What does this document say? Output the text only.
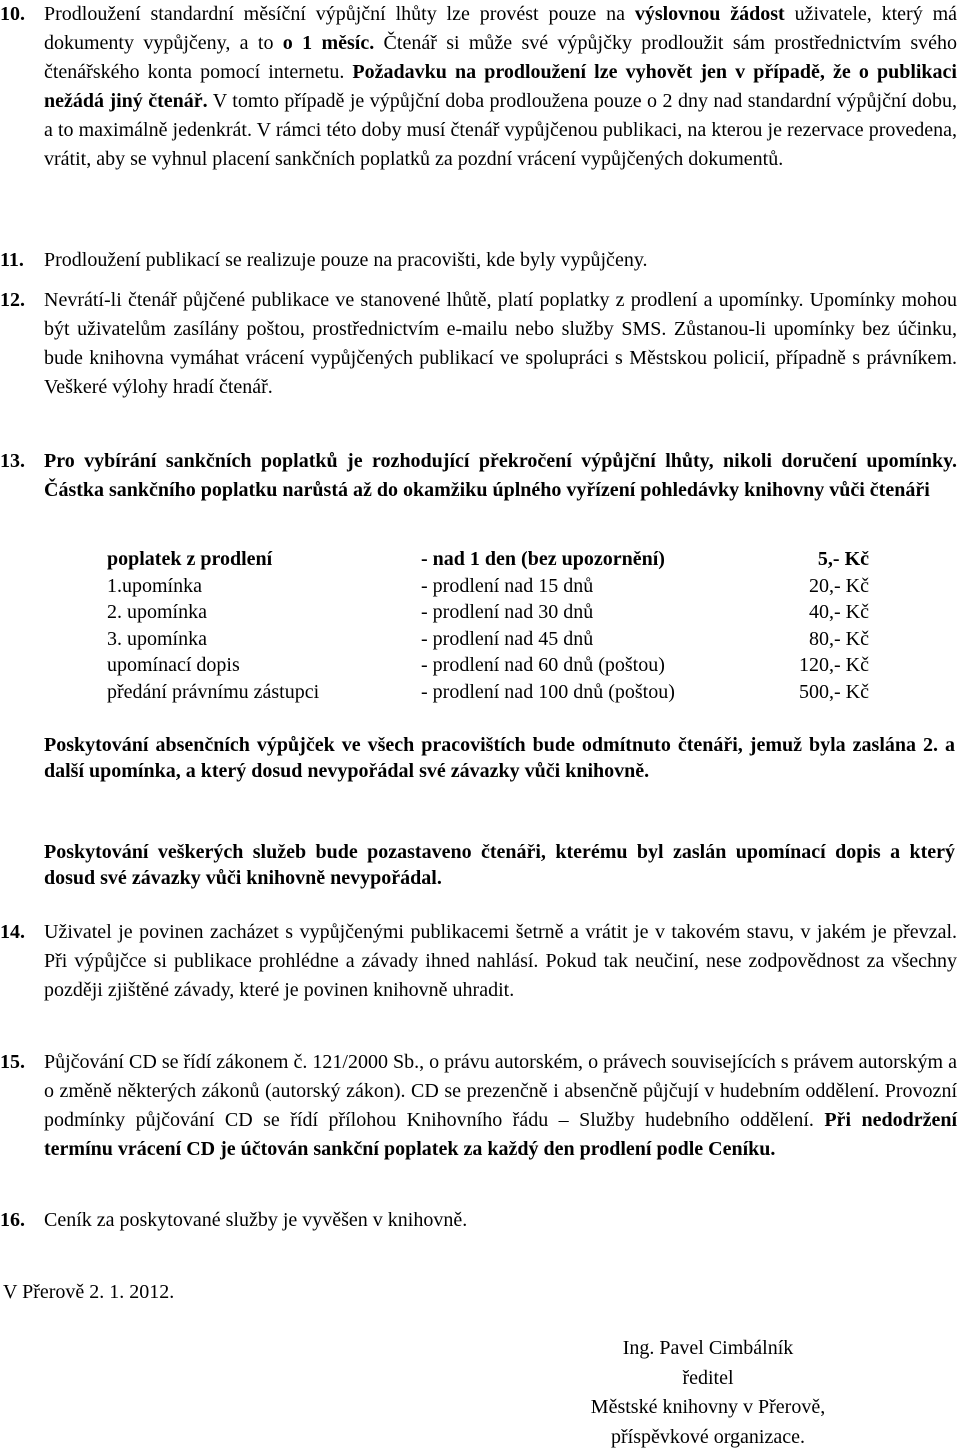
10. Prodloužení standardní měsíční výpůjční lhůty lze provést pouze na výslovnou žádost uživatele, který má dokumenty vypůjčeny, a to o 1 měsíc. Čtenář si může své výpůjčky prodloužit sám prostřednictvím svého čtenářského konta pomocí internetu. Požadavku na prodloužení lze vyhovět jen v případě, že o publikaci nežádá jiný čtenář. V tomto případě je výpůjční doba prodloužena pouze o 2 dny nad standardní výpůjční dobu, a to maximálně jedenkrát. V rámci této doby musí čtenář vypůjčenou publikaci, na kterou je rezervace provedena, vrátit, aby se vyhnul placení sankčních poplatků za pozdní vrácení vypůjčených dokumentů.
11. Prodloužení publikací se realizuje pouze na pracovišti, kde byly vypůjčeny.
12. Nevrátí-li čtenář půjčené publikace ve stanovené lhůtě, platí poplatky z prodlení a upomínky. Upomínky mohou být uživatelům zasílány poštou, prostřednictvím e-mailu nebo služby SMS. Zůstanou-li upomínky bez účinku, bude knihovna vymáhat vrácení vypůjčených publikací ve spolupráci s Městskou policií, případně s právníkem. Veškeré výlohy hradí čtenář.
13. Pro vybírání sankčních poplatků je rozhodující překročení výpůjční lhůty, nikoli doručení upomínky. Částka sankčního poplatku narůstá až do okamžiku úplného vyřízení pohledávky knihovny vůči čtenáři
poplatek z prodlení	- nad 1 den (bez upozornění)	5,- Kč
1.upomínka	- prodlení nad 15 dnů	20,- Kč
2. upomínka	- prodlení nad 30 dnů	40,- Kč
3. upomínka	- prodlení nad 45 dnů	80,- Kč
upomínací dopis	- prodlení nad 60 dnů (poštou)	120,- Kč
předání právnímu zástupci	- prodlení nad 100 dnů (poštou)	500,- Kč
Poskytování absenčních výpůjček ve všech pracovištích bude odmítnuto čtenáři, jemuž byla zaslána 2. a další upomínka, a který dosud nevypořádal své závazky vůči knihovně.
Poskytování veškerých služeb bude pozastaveno čtenáři, kterému byl zaslán upomínací dopis a který dosud své závazky vůči knihovně nevypořádal.
14. Uživatel je povinen zacházet s vypůjčenými publikacemi šetrně a vrátit je v takovém stavu, v jakém je převzal. Při výpůjčce si publikace prohlédne a závady ihned nahlásí. Pokud tak neučiní, nese zodpovědnost za všechny později zjištěné závady, které je povinen knihovně uhradit.
15. Půjčování CD se řídí zákonem č. 121/2000 Sb., o právu autorském, o právech souvisejících s právem autorským a o změně některých zákonů (autorský zákon). CD se prezenčně i absenčně půjčují v hudebním oddělení. Provozní podmínky půjčování CD se řídí přílohou Knihovního řádu – Služby hudebního oddělení. Při nedodržení termínu vrácení CD je účtován sankční poplatek za každý den prodlení podle Ceníku.
16. Ceník za poskytované služby je vyvěšen v knihovně.
V Přerově 2. 1. 2012.
Ing. Pavel Cimbálník
ředitel
Městské knihovny v Přerově,
příspěvkové organizace.
